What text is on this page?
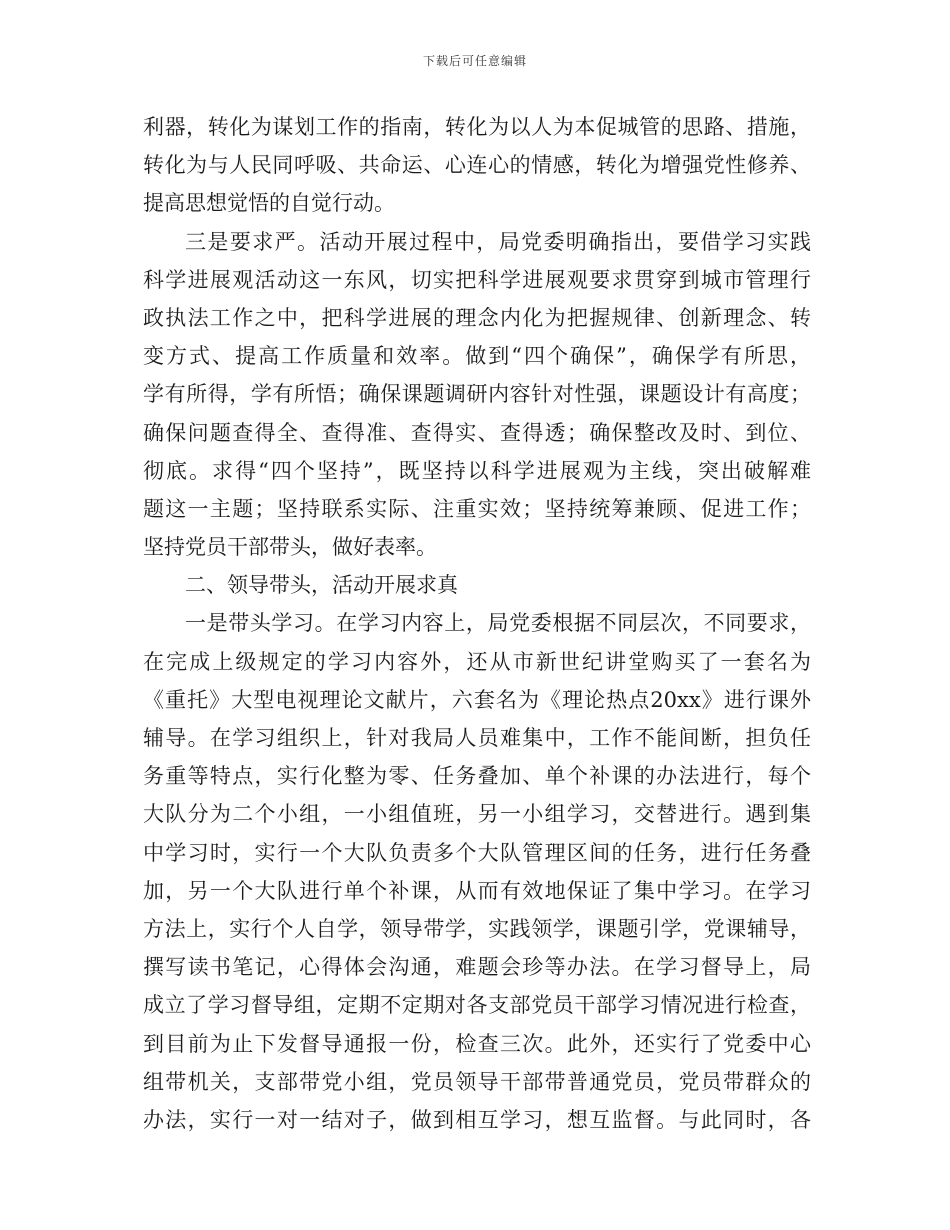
下载后可任意编辑
利器，转化为谋划工作的指南，转化为以人为本促城管的思路、措施，
转化为与人民同呼吸、共命运、心连心的情感，转化为增强党性修养、
提高思想觉悟的自觉行动。
三是要求严。活动开展过程中，局党委明确指出，要借学习实践
科学进展观活动这一东风，切实把科学进展观要求贯穿到城市管理行
政执法工作之中，把科学进展的理念内化为把握规律、创新理念、转
变方式、提高工作质量和效率。做到“四个确保”，确保学有所思，
学有所得，学有所悟；确保课题调研内容针对性强，课题设计有高度；
确保问题查得全、查得准、查得实、查得透；确保整改及时、到位、
彻底。求得“四个坚持”，既坚持以科学进展观为主线，突出破解难
题这一主题；坚持联系实际、注重实效；坚持统筹兼顾、促进工作；
坚持党员干部带头，做好表率。
二、领导带头，活动开展求真
一是带头学习。在学习内容上，局党委根据不同层次，不同要求，
在完成上级规定的学习内容外，还从市新世纪讲堂购买了一套名为
《重托》大型电视理论文献片，六套名为《理论热点20xx》进行课外
辅导。在学习组织上，针对我局人员难集中，工作不能间断，担负任
务重等特点，实行化整为零、任务叠加、单个补课的办法进行，每个
大队分为二个小组，一小组值班，另一小组学习，交替进行。遇到集
中学习时，实行一个大队负责多个大队管理区间的任务，进行任务叠
加，另一个大队进行单个补课，从而有效地保证了集中学习。在学习
方法上，实行个人自学，领导带学，实践领学，课题引学，党课辅导，
撰写读书笔记，心得体会沟通，难题会珍等办法。在学习督导上，局
成立了学习督导组，定期不定期对各支部党员干部学习情况进行检查，
到目前为止下发督导通报一份，检查三次。此外，还实行了党委中心
组带机关，支部带党小组，党员领导干部带普通党员，党员带群众的
办法，实行一对一结对子，做到相互学习，想互监督。与此同时，各
